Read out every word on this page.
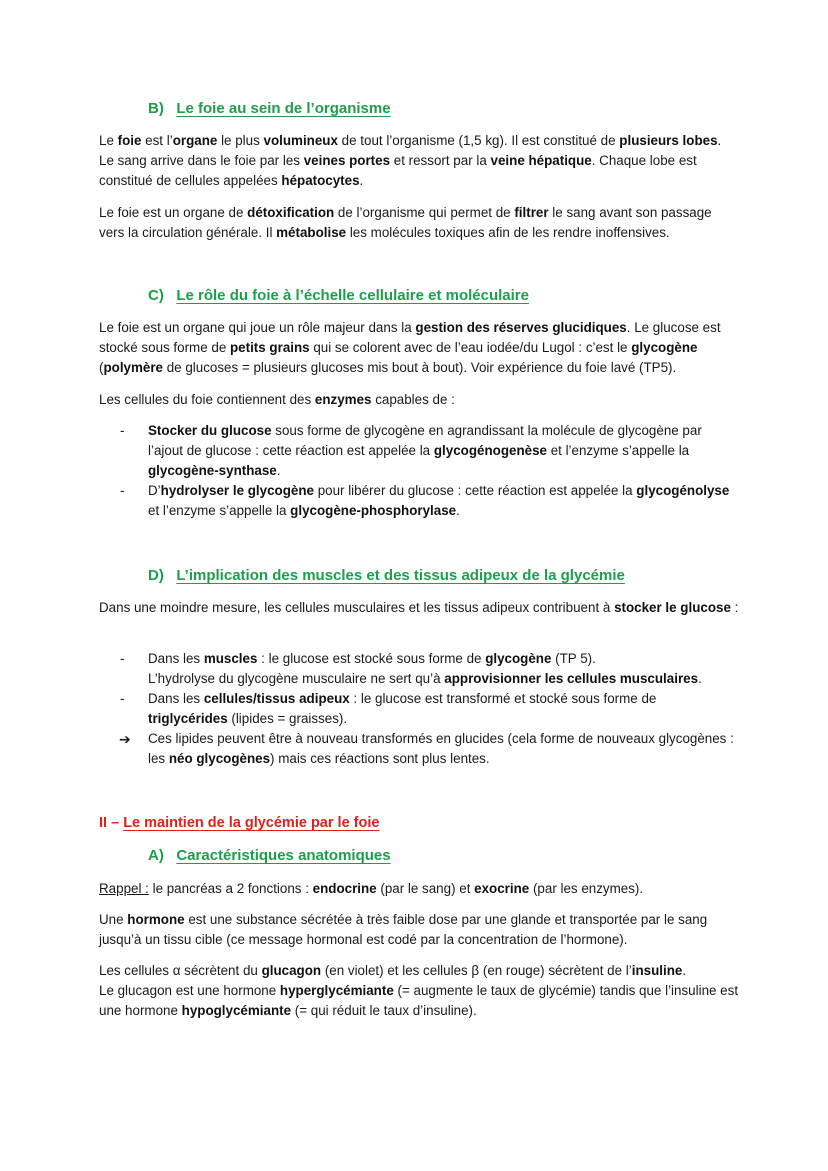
B) Le foie au sein de l’organisme

Le foie est l’organe le plus volumineux de tout l’organisme (1,5 kg). Il est constitué de plusieurs lobes. Le sang arrive dans le foie par les veines portes et ressort par la veine hépatique. Chaque lobe est constitué de cellules appelées hépatocytes.

Le foie est un organe de détoxification de l’organisme qui permet de filtrer le sang avant son passage vers la circulation générale. Il métabolise les molécules toxiques afin de les rendre inoffensives.

C) Le rôle du foie à l’échelle cellulaire et moléculaire

Le foie est un organe qui joue un rôle majeur dans la gestion des réserves glucidiques. Le glucose est stocké sous forme de petits grains qui se colorent avec de l’eau iodée/du Lugol : c’est le glycogène (polymère de glucoses = plusieurs glucoses mis bout à bout). Voir expérience du foie lavé (TP5).

Les cellules du foie contiennent des enzymes capables de :

- Stocker du glucose sous forme de glycogène en agrandissant la molécule de glycogène par l’ajout de glucose : cette réaction est appelée la glycogénogenèse et l’enzyme s’appelle la glycogène-synthase.
- D’hydrolyser le glycogène pour libérer du glucose : cette réaction est appelée la glycogénolyse et l’enzyme s’appelle la glycogène-phosphorylase.
D) L’implication des muscles et des tissus adipeux de la glycémie

Dans une moindre mesure, les cellules musculaires et les tissus adipeux contribuent à stocker le glucose :

- Dans les muscles : le glucose est stocké sous forme de glycogène (TP 5).
L’hydrolyse du glycogène musculaire ne sert qu’à approvisionner les cellules musculaires.
- Dans les cellules/tissus adipeux : le glucose est transformé et stocké sous forme de triglycérides (lipides = graisses).
➔ Ces lipides peuvent être à nouveau transformés en glucides (cela forme de nouveaux glycogènes : les néo glycogènes) mais ces réactions sont plus lentes.
II – Le maintien de la glycémie par le foie
A) Caractéristiques anatomiques

Rappel : le pancréas a 2 fonctions : endocrine (par le sang) et exocrine (par les enzymes).

Une hormone est une substance sécrétée à très faible dose par une glande et transportée par le sang jusqu’à un tissu cible (ce message hormonal est codé par la concentration de l’hormone).

Les cellules α sécrètent du glucagon (en violet) et les cellules β (en rouge) sécrètent de l’insuline.
Le glucagon est une hormone hyperglycémiante (= augmente le taux de glycémie) tandis que l’insuline est une hormone hypoglycémiante (= qui réduit le taux d’insuline).
